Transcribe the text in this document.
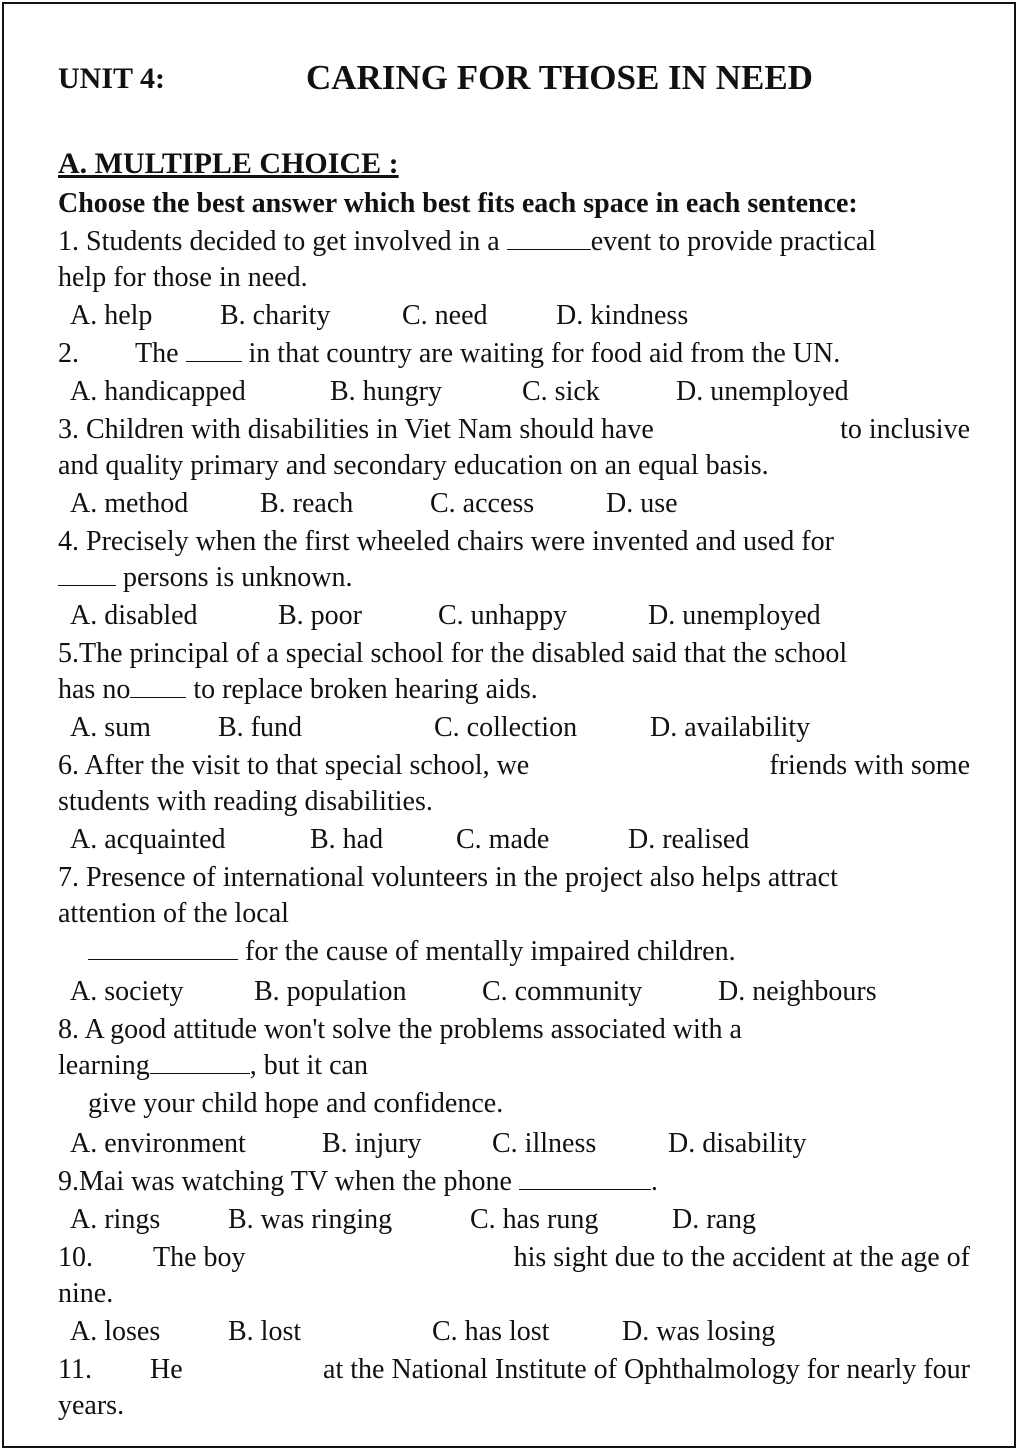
UNIT 4:	CARING FOR THOSE IN NEED
A. MULTIPLE CHOICE :
Choose the best answer which best fits each space in each sentence:
1. Students decided to get involved in a	event to provide practical
help for those in need.
A. help B. charity	C. need D. kindness
2. The	in that country are waiting for food aid from the UN.
A. handicapped	B. hungry	C. sick	D. unemployed
3. Children with disabilities in Viet Nam should have	to inclusive
and quality primary and secondary education on an equal basis.
A. method	B. reach	C. access	D. use
4. Precisely when the first wheeled chairs were invented and used for
persons is unknown.
A. disabled	B. poor	C. unhappy	D. unemployed
5.The principal of a special school for the disabled said that the school
has no to replace broken hearing aids.
A. sum B. fund	C. collection	D. availability
6. After the visit to that special school, we	friends with some
students with reading disabilities.
A. acquainted	B. had	C. made	D. realised
7. Presence of international volunteers in the project also helps attract
attention of the local
for the cause of mentally impaired children.
A. society	B. population	C. community	D. neighbours
8. A good attitude won't solve the problems associated with a
learning	, but it can
give your child hope and confidence.
A. environment	B. injury	C. illness	D. disability
9.Mai was watching TV when the phone	.
A. rings B. was ringing	C. has rung	D. rang
10. The boy	his sight due to the accident at the age of
nine.
A. loses B. lost	C. has lost	D. was losing
11. He	at the National Institute of Ophthalmology for nearly four
years.
